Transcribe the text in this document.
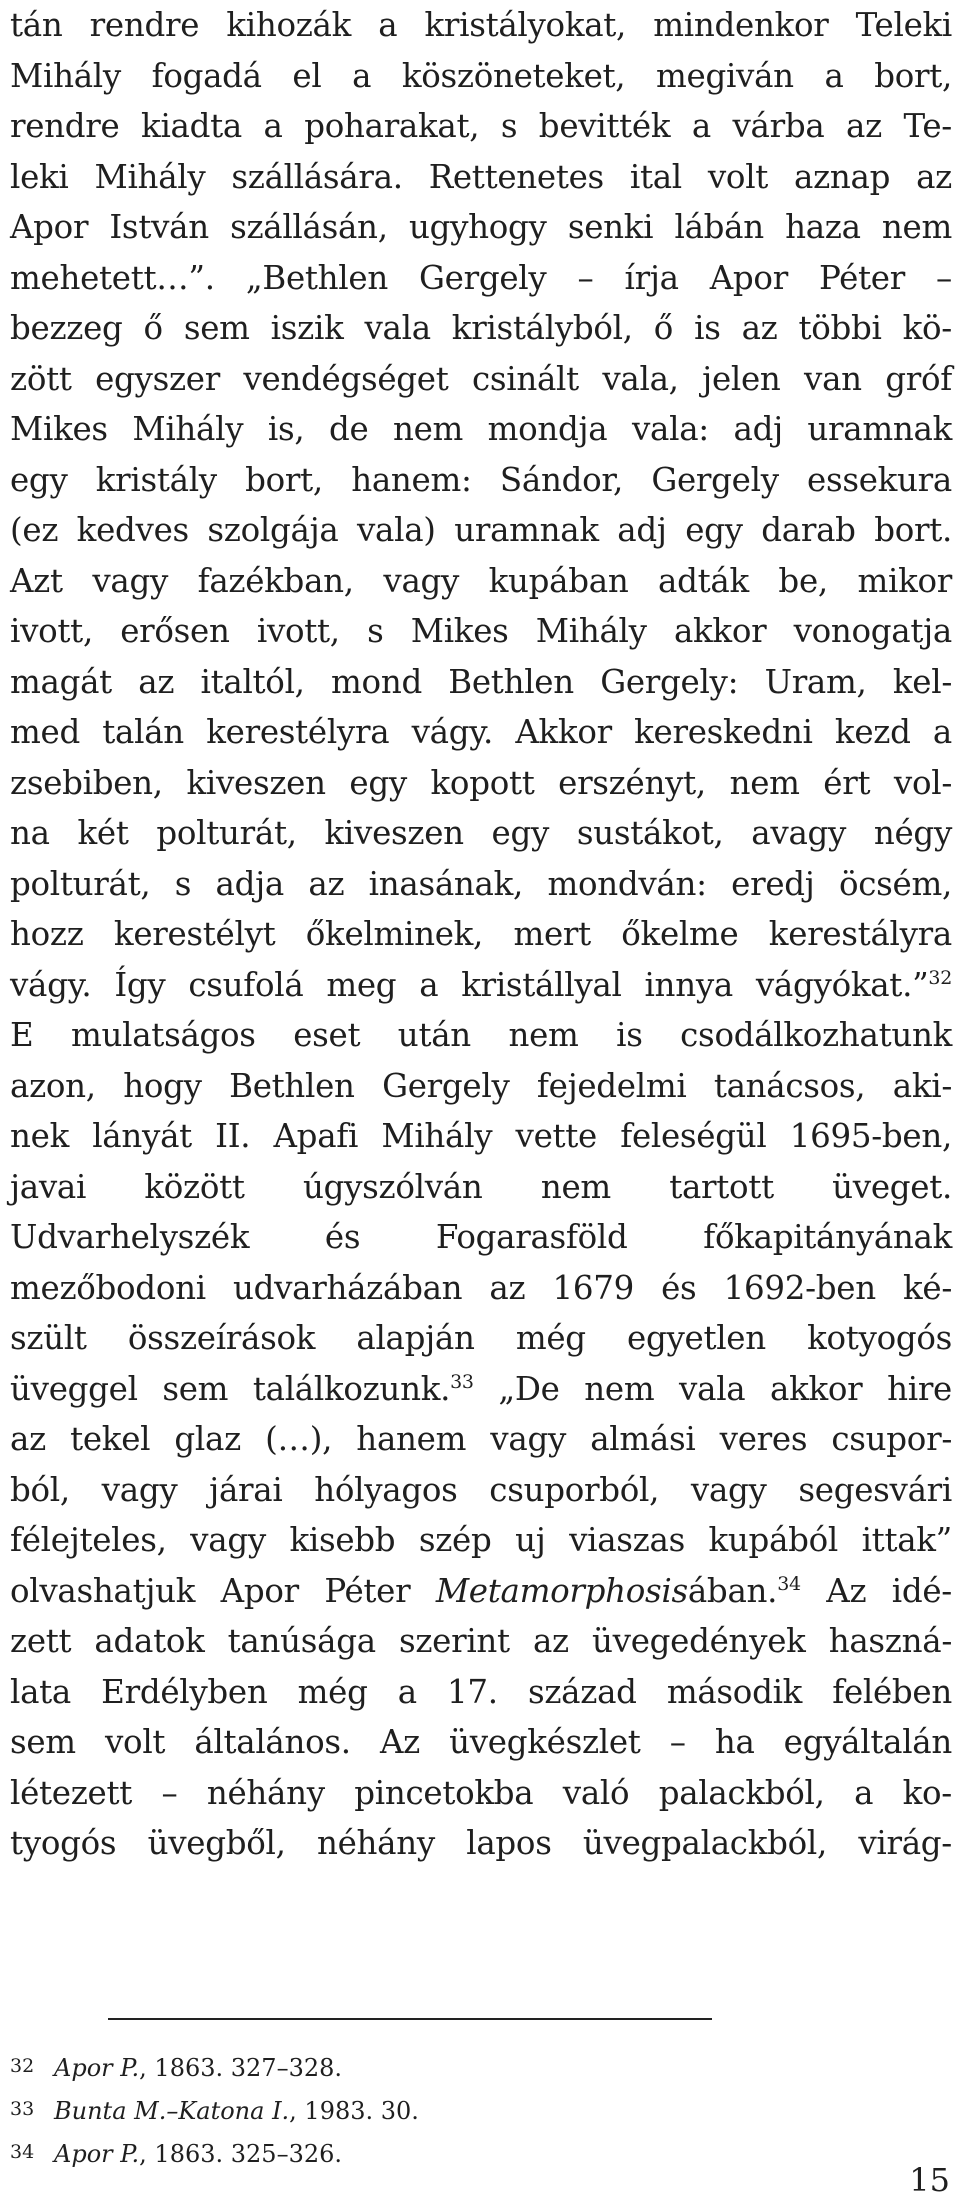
tán rendre kihozák a kristályokat, mindenkor Teleki
Mihály fogadá el a köszöneteket, megiván a bort,
rendre kiadta a poharakat, s bevitték a várba az Te-
leki Mihály szállására. Rettenetes ital volt aznap az
Apor István szállásán, ugyhogy senki lábán haza nem
mehetett…”. „Bethlen Gergely – írja Apor Péter –
bezzeg ő sem iszik vala kristályból, ő is az többi kö-
zött egyszer vendégséget csinált vala, jelen van gróf
Mikes Mihály is, de nem mondja vala: adj uramnak
egy kristály bort, hanem: Sándor, Gergely essekura
(ez kedves szolgája vala) uramnak adj egy darab bort.
Azt vagy fazékban, vagy kupában adták be, mikor
ivott, erősen ivott, s Mikes Mihály akkor vonogatja
magát az italtól, mond Bethlen Gergely: Uram, kel-
med talán kerestélyra vágy. Akkor kereskedni kezd a
zsebiben, kiveszen egy kopott erszényt, nem ért vol-
na két polturát, kiveszen egy sustákot, avagy négy
polturát, s adja az inasának, mondván: eredj öcsém,
hozz kerestélyt őkelminek, mert őkelme kerestályra
vágy. Így csufolá meg a kristállyal innya vágyókat.”$^{32}$
E mulatságos eset után nem is csodálkozhatunk
azon, hogy Bethlen Gergely fejedelmi tanácsos, aki-
nek lányát II. Apafi Mihály vette feleségül 1695-ben,
javai között úgyszólván nem tartott üveget.
Udvarhelyszék és Fogarasföld főkapitányának
mezőbodoni udvarházában az 1679 és 1692-ben ké-
szült összeírások alapján még egyetlen kotyogós
üveggel sem találkozunk.$^{33}$ „De nem vala akkor hire
az tekel glaz (…), hanem vagy almási veres csupor-
ból, vagy járai hólyagos csuporból, vagy segesvári
félejteles, vagy kisebb szép uj viaszas kupából ittak”
olvashatjuk Apor Péter Metamorphosisában.$^{34}$ Az idé-
zett adatok tanúsága szerint az üvegedények haszná-
lata Erdélyben még a 17. század második felében
sem volt általános. Az üvegkészlet – ha egyáltalán
létezett – néhány pincetokba való palackból, a ko-
tyogós üvegből, néhány lapos üvegpalackból, virág-
32 Apor P., 1863. 327–328.
33 Bunta M.–Katona I., 1983. 30.
34 Apor P., 1863. 325–326.
15
